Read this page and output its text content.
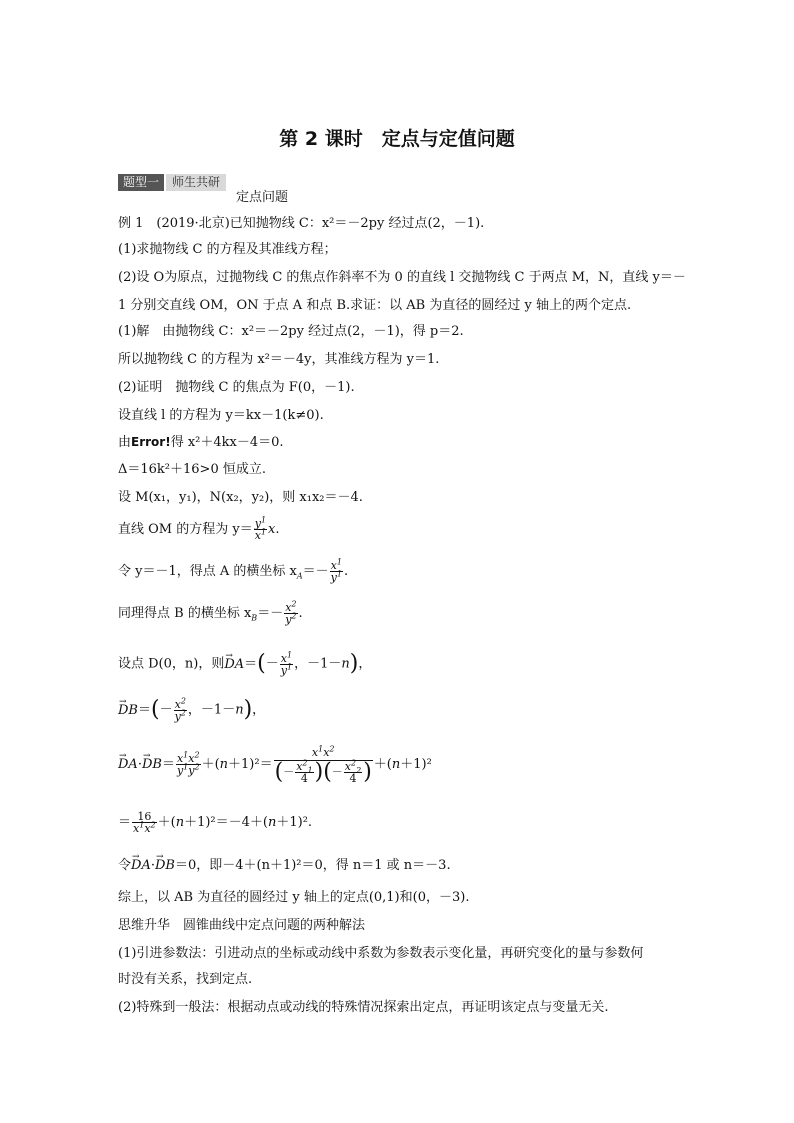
第 2 课时　定点与定值问题
题型一	师生共研
定点问题
例 1　(2019·北京)已知抛物线 C：x²＝－2py 经过点(2，－1).
(1)求抛物线 C 的方程及其准线方程；
(2)设 O为原点，过抛物线 C 的焦点作斜率不为 0 的直线 l 交抛物线 C 于两点 M，N，直线 y＝－
1 分别交直线 OM，ON 于点 A 和点 B.求证：以 AB 为直径的圆经过 y 轴上的两个定点.
(1)解　由抛物线 C：x²＝－2py 经过点(2，－1)，得 p＝2.
所以抛物线 C 的方程为 x²＝－4y，其准线方程为 y＝1.
(2)证明　抛物线 C 的焦点为 F(0，－1).
设直线 l 的方程为 y＝kx－1(k≠0).
由Error!得 x²＋4kx－4＝0.
Δ＝16k²＋16>0 恒成立.
设 M(x₁，y₁)，N(x₂，y₂)，则 x₁x₂＝－4.
直线 OM 的方程为 $y= \frac{y^1}{x^1} x$.
令 y＝－1，得点 A 的横坐标 $x_A=- \frac{x^1}{y^1}$ .
同理得点 B 的横坐标 $x_B=- \frac{x^2}{y^2}$ .
设点 D(0，n)，则→ $DA=(- \frac{x^1}{y^1}$ ，－1－n)，
→ $DB=(- \frac{x^2}{y^2}$ ，－1－n)，
→ $DA\cdot\to DB= \frac{x^1x^2}{y^1y^2} +(n+1)^2= \frac{x^1x^2}{(- \frac{x^2_1}{4} )(- \frac{x^2_2}{4} )} +(n+1)^2$
＝ $\frac{16}{x^1x^2} +(n+1)^2=-4+(n+1)^2$.
令→ DA·→ DB＝0，即－4＋(n＋1)²＝0，得 n＝1 或 n＝－3.
综上，以 AB 为直径的圆经过 y 轴上的定点(0,1)和(0，－3).
思维升华　圆锥曲线中定点问题的两种解法
(1)引进参数法：引进动点的坐标或动线中系数为参数表示变化量，再研究变化的量与参数何
时没有关系，找到定点.
(2)特殊到一般法：根据动点或动线的特殊情况探索出定点，再证明该定点与变量无关.
